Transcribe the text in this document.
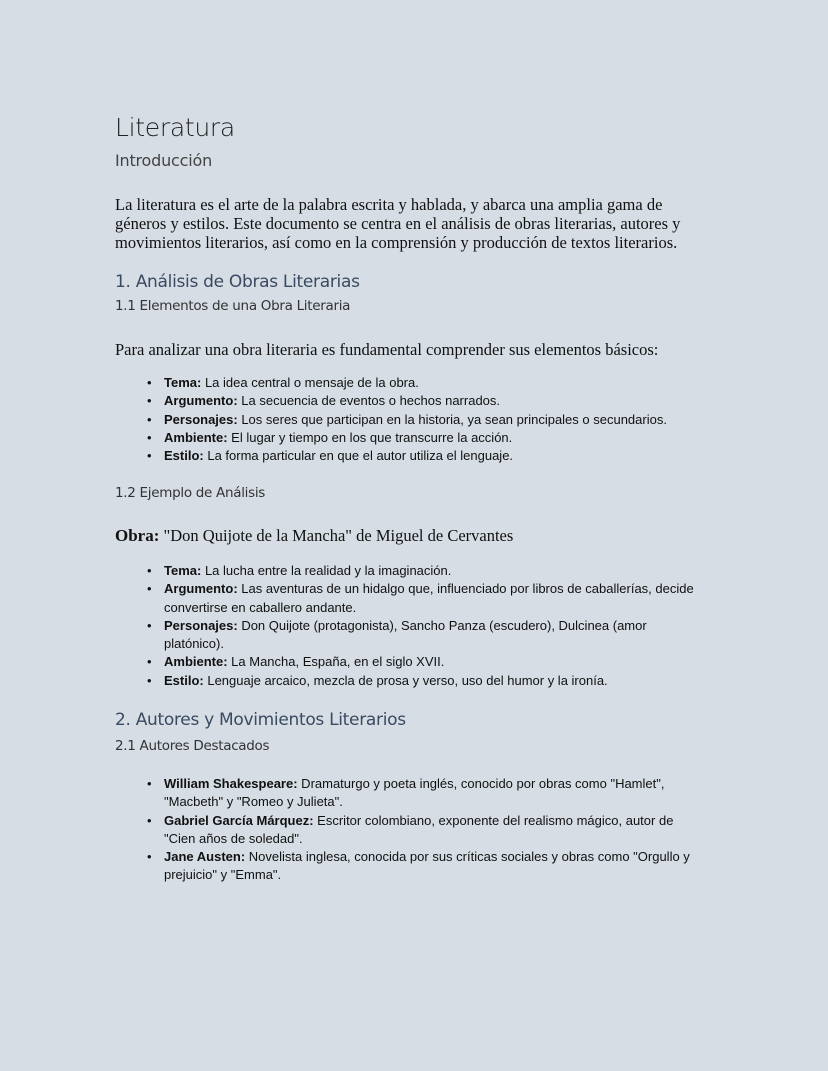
Literatura
Introducción

La literatura es el arte de la palabra escrita y hablada, y abarca una amplia gama de géneros y estilos. Este documento se centra en el análisis de obras literarias, autores y movimientos literarios, así como en la comprensión y producción de textos literarios.

1. Análisis de Obras Literarias
1.1 Elementos de una Obra Literaria

Para analizar una obra literaria es fundamental comprender sus elementos básicos:

• Tema: La idea central o mensaje de la obra.
• Argumento: La secuencia de eventos o hechos narrados.
• Personajes: Los seres que participan en la historia, ya sean principales o secundarios.
• Ambiente: El lugar y tiempo en los que transcurre la acción.
• Estilo: La forma particular en que el autor utiliza el lenguaje.
1.2 Ejemplo de Análisis

Obra: "Don Quijote de la Mancha" de Miguel de Cervantes

• Tema: La lucha entre la realidad y la imaginación.
• Argumento: Las aventuras de un hidalgo que, influenciado por libros de caballerías, decide convertirse en caballero andante.
• Personajes: Don Quijote (protagonista), Sancho Panza (escudero), Dulcinea (amor platónico).
• Ambiente: La Mancha, España, en el siglo XVII.
• Estilo: Lenguaje arcaico, mezcla de prosa y verso, uso del humor y la ironía.
2. Autores y Movimientos Literarios
2.1 Autores Destacados
• William Shakespeare: Dramaturgo y poeta inglés, conocido por obras como "Hamlet", "Macbeth" y "Romeo y Julieta".
• Gabriel García Márquez: Escritor colombiano, exponente del realismo mágico, autor de "Cien años de soledad".
• Jane Austen: Novelista inglesa, conocida por sus críticas sociales y obras como "Orgullo y prejuicio" y "Emma".
